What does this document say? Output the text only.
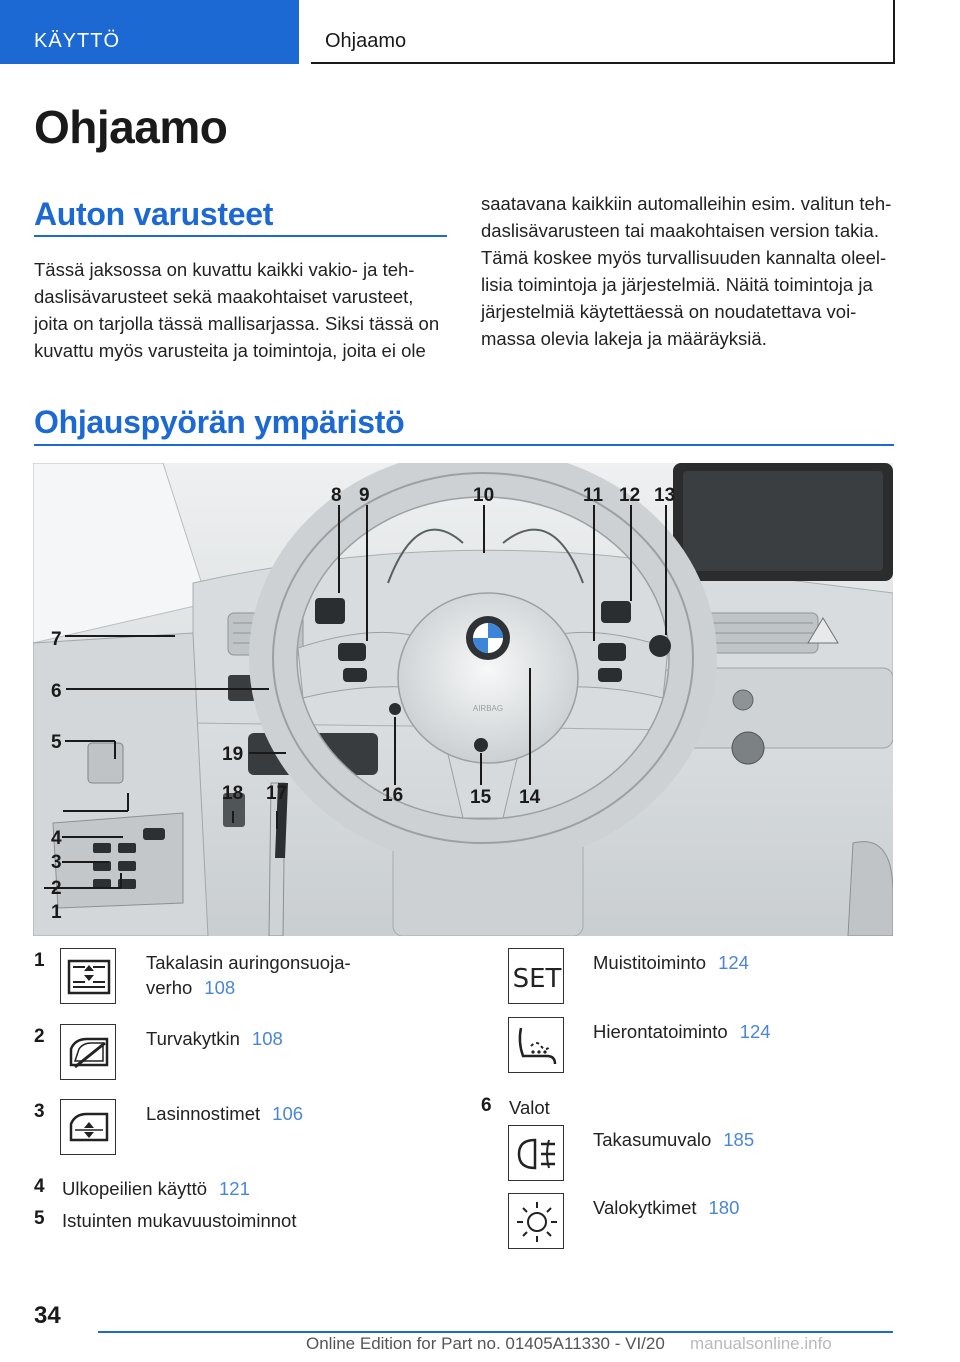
KÄYTTÖ	Ohjaamo
Ohjaamo
Auton varusteet
Tässä jaksossa on kuvattu kaikki vakio- ja teh-
daslisävarusteet sekä maakohtaiset varusteet,
joita on tarjolla tässä mallisarjassa. Siksi tässä on
kuvattu myös varusteita ja toimintoja, joita ei ole
saatavana kaikkiin automalleihin esim. valitun teh-
daslisävarusteen tai maakohtaisen version takia.
Tämä koskee myös turvallisuuden kannalta oleel-
lisia toimintoja ja järjestelmiä. Näitä toimintoja ja
järjestelmiä käytettäessä on noudatettava voi-
massa olevia lakeja ja määräyksiä.
Ohjauspyörän ympäristö
AIRBAG
1
2
3
4
5
6
7
8 9	10	11 12 13
14
15
16
17
18
19
1	Takalasin auringonsuoja-
verho 108
2	Turvakytkin 108
3	Lasinnostimet 106
4 Ulkopeilien käyttö 121
5 Istuinten mukavuustoiminnot
SET
Muistitoiminto 124
Hierontatoiminto 124
6 Valot
Takasumuvalo 185
Valokytkimet 180
34
Online Edition for Part no. 01405A11330 - VI/20 manualsonline.info
